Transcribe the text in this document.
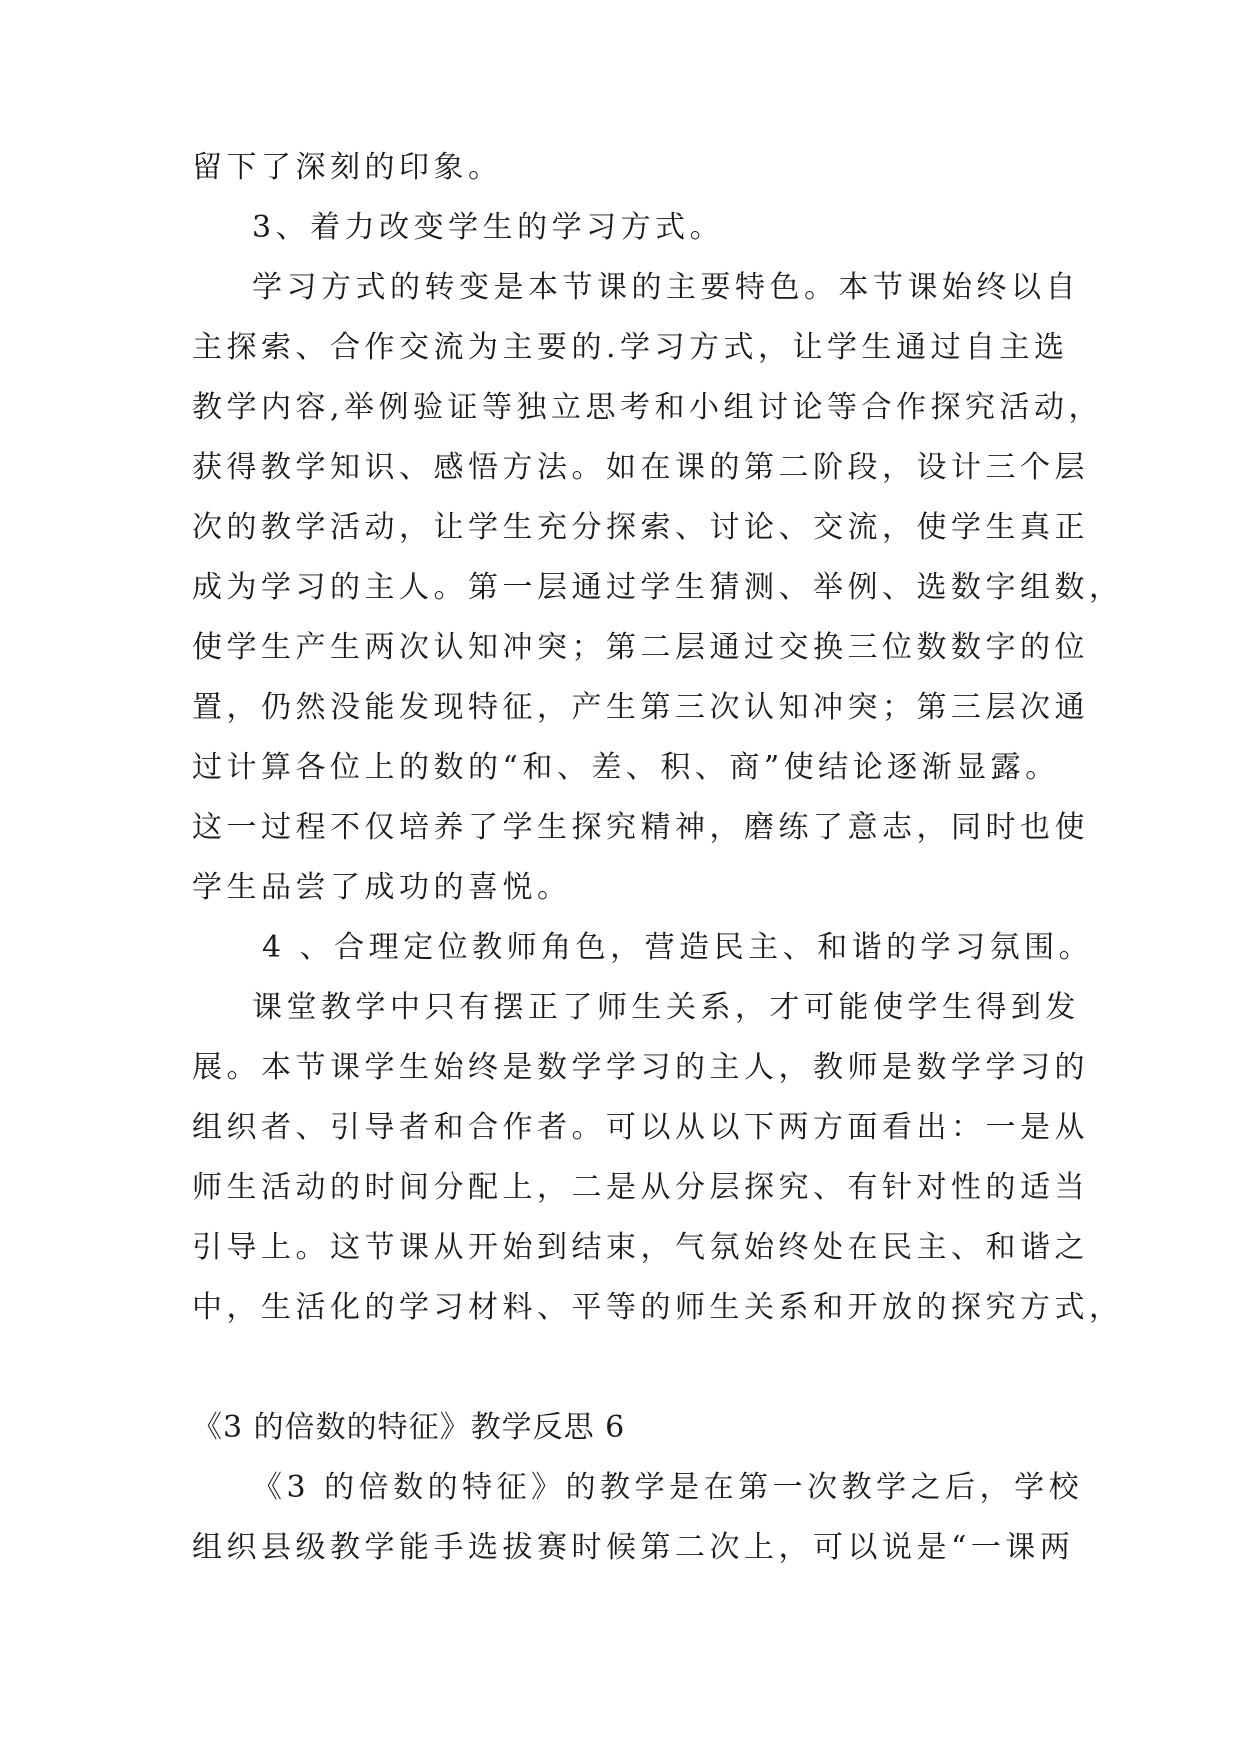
留下了深刻的印象。
3、着力改变学生的学习方式。
学习方式的转变是本节课的主要特色。本节课始终以自
主探索、合作交流为主要的.学习方式，让学生通过自主选
教学内容,举例验证等独立思考和小组讨论等合作探究活动，
获得教学知识、感悟方法。如在课的第二阶段，设计三个层
次的教学活动，让学生充分探索、讨论、交流，使学生真正
成为学习的主人。第一层通过学生猜测、举例、选数字组数，
使学生产生两次认知冲突；第二层通过交换三位数数字的位
置，仍然没能发现特征，产生第三次认知冲突；第三层次通
过计算各位上的数的“和、差、积、商”使结论逐渐显露。
这一过程不仅培养了学生探究精神，磨练了意志，同时也使
学生品尝了成功的喜悦。
4 、合理定位教师角色，营造民主、和谐的学习氛围。
课堂教学中只有摆正了师生关系，才可能使学生得到发
展。本节课学生始终是数学学习的主人，教师是数学学习的
组织者、引导者和合作者。可以从以下两方面看出：一是从
师生活动的时间分配上，二是从分层探究、有针对性的适当
引导上。这节课从开始到结束，气氛始终处在民主、和谐之
中，生活化的学习材料、平等的师生关系和开放的探究方式，
《3 的倍数的特征》教学反思 6
《3 的倍数的特征》的教学是在第一次教学之后，学校
组织县级教学能手选拔赛时候第二次上，可以说是“一课两
